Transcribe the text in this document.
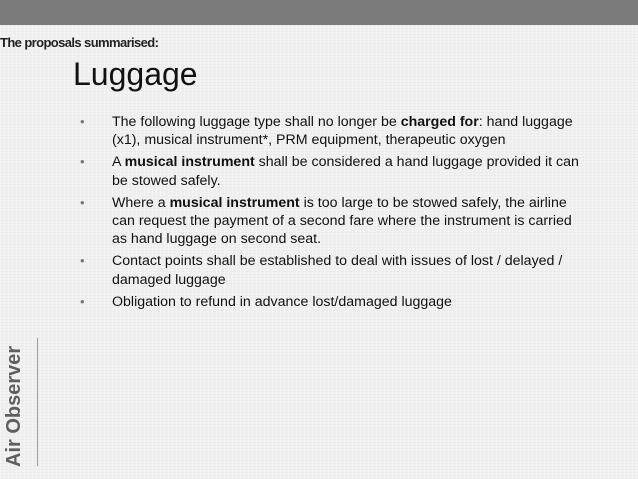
The proposals summarised:
Luggage
• The following luggage type shall no longer be charged for: hand luggage (x1), musical instrument*, PRM equipment, therapeutic oxygen
• A musical instrument shall be considered a hand luggage provided it can be stowed safely.
• Where a musical instrument is too large to be stowed safely, the airline can request the payment of a second fare where the instrument is carried as hand luggage on second seat.
• Contact points shall be established to deal with issues of lost / delayed / damaged luggage
• Obligation to refund in advance lost/damaged luggage
Air Observer
